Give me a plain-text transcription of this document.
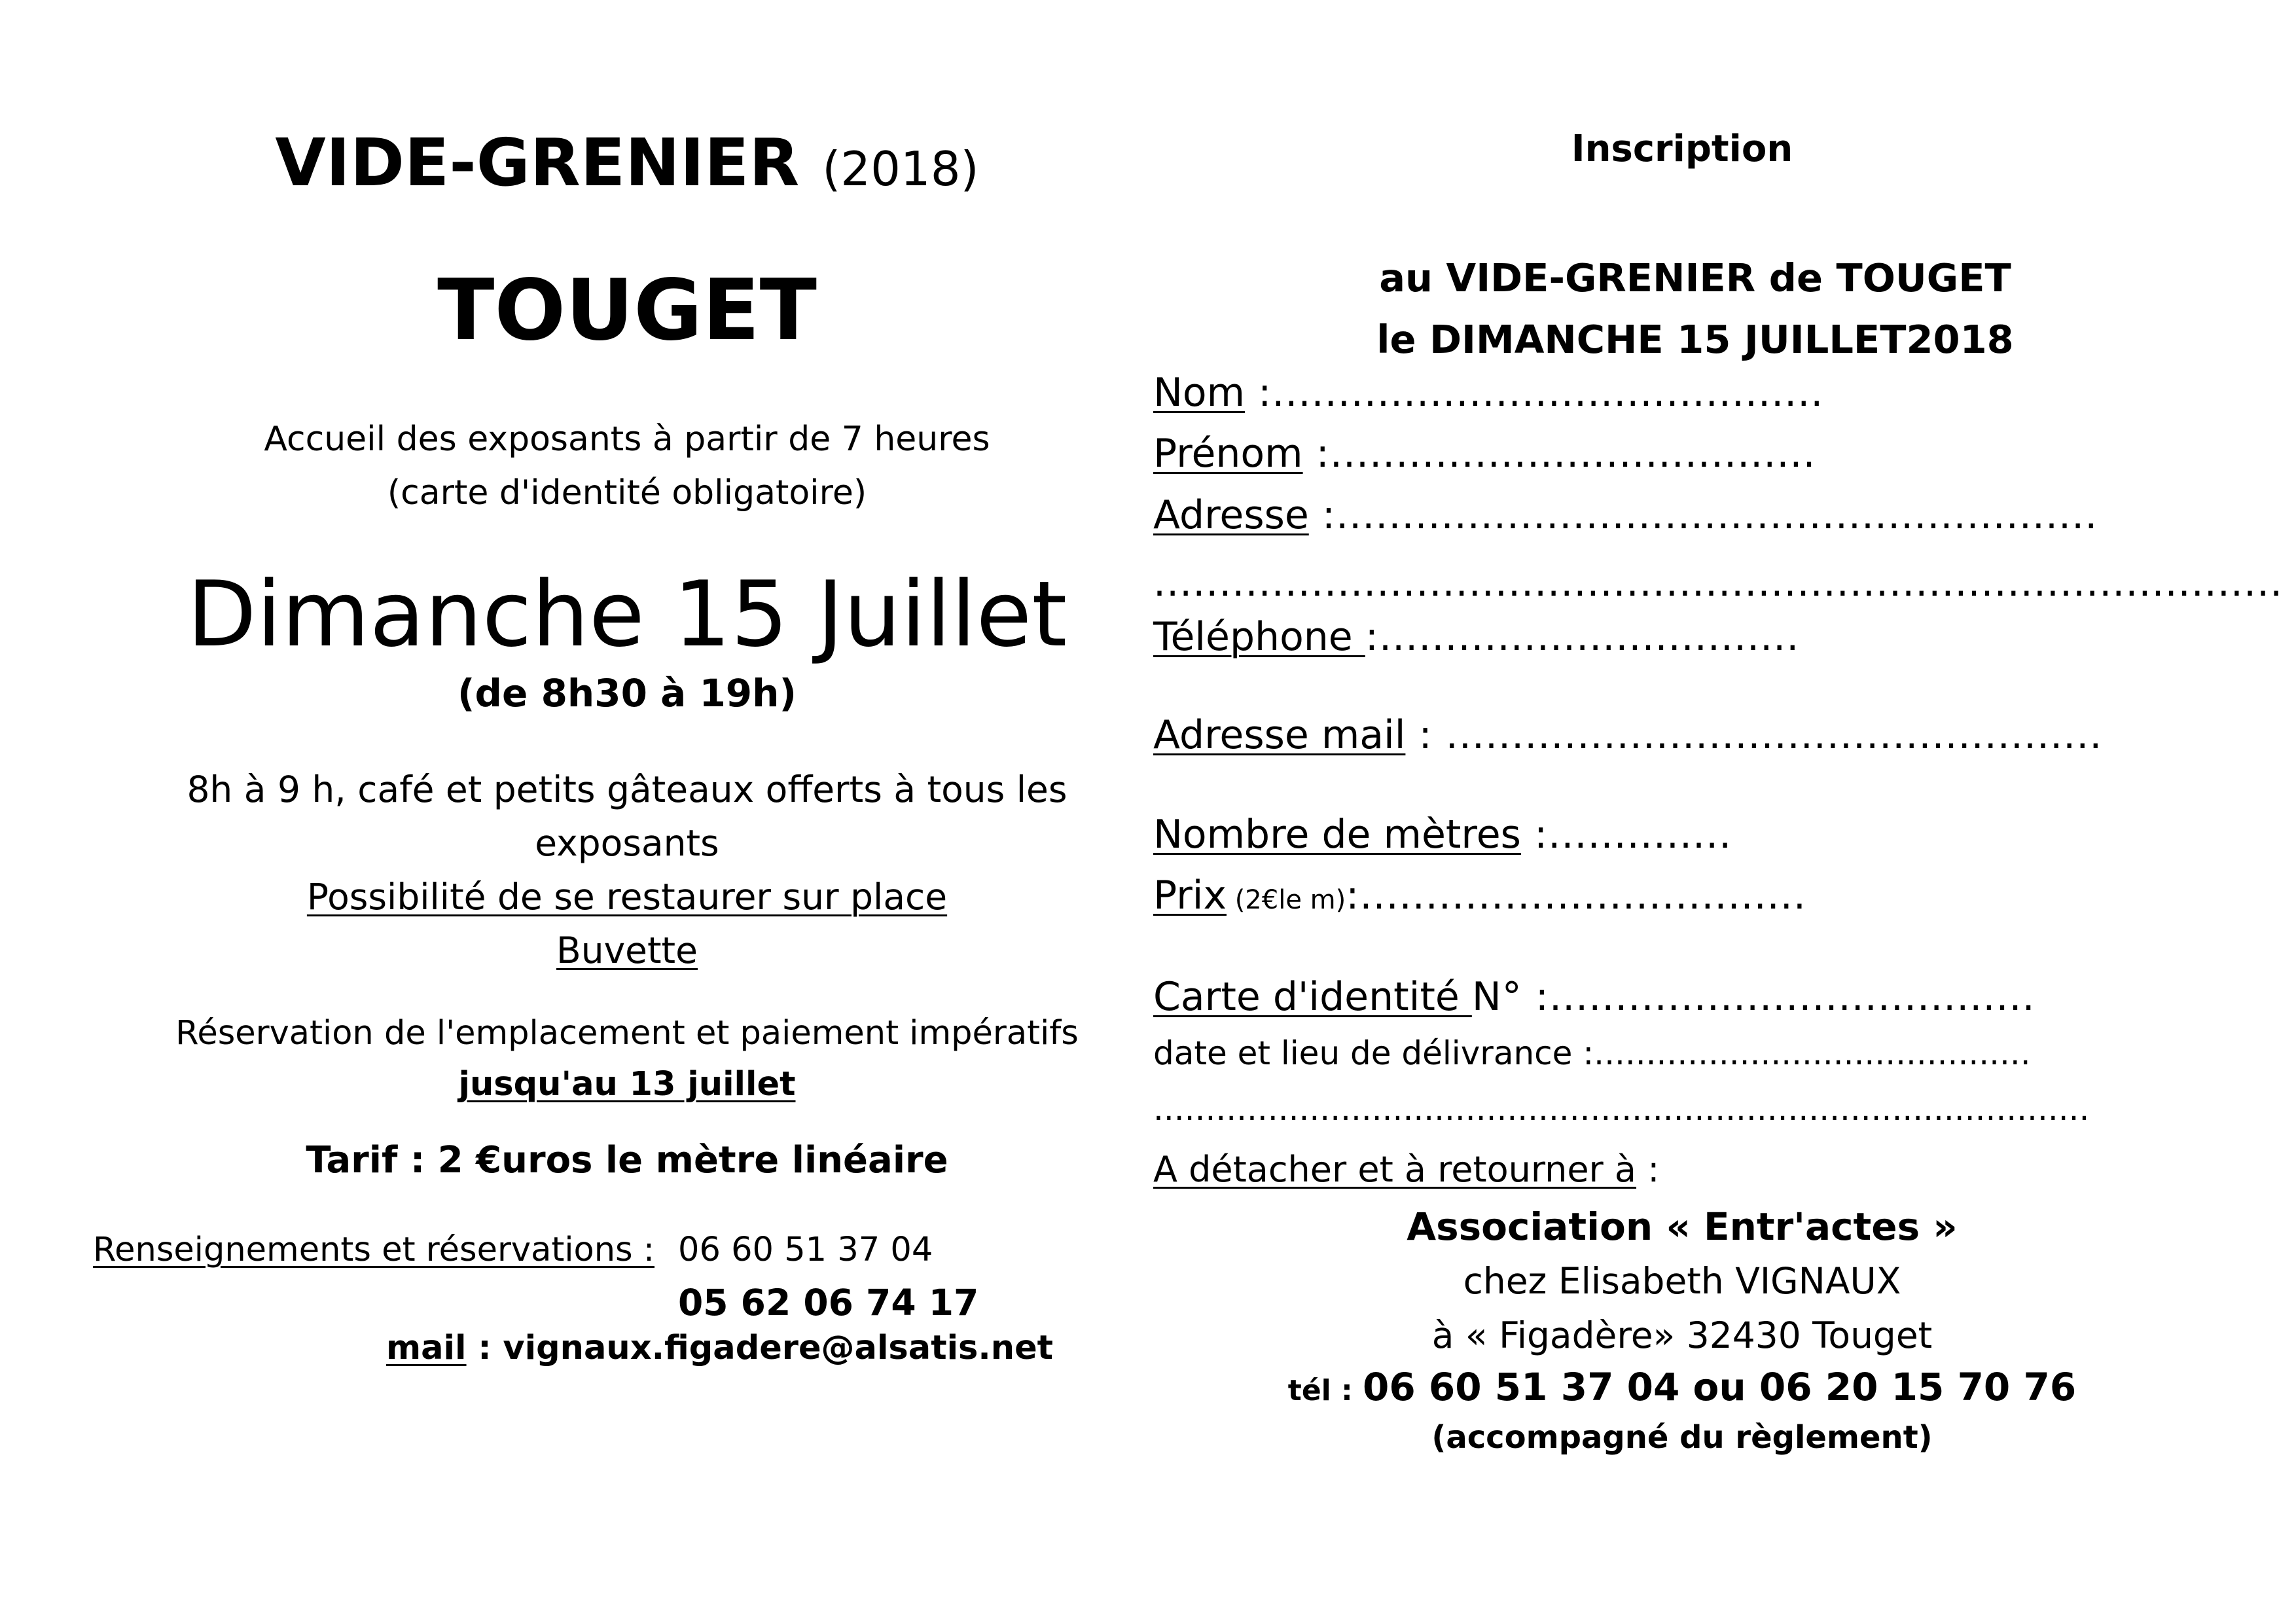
VIDE-GRENIER (2018)
TOUGET
Accueil des exposants à partir de 7 heures
(carte d'identité obligatoire)
Dimanche 15 Juillet
(de 8h30 à 19h)
8h à 9 h, café et petits gâteaux offerts à tous les
exposants
Possibilité de se restaurer sur place
Buvette
Réservation de l'emplacement et paiement impératifs
jusqu'au 13 juillet
Tarif : 2 €uros le mètre linéaire
Renseignements et réservations : 06 60 51 37 04
05 62 06 74 17
mail : vignaux.figadere@alsatis.net
Inscription
au VIDE-GRENIER de TOUGET
le DIMANCHE 15 JUILLET2018
Nom :..........................................
Prénom :.....................................
Adresse :..........................................................
......................................................................................
Téléphone :................................
Adresse mail : ..................................................
Nombre de mètres :..............
Prix (2€le m):..................................
Carte d'identité N° :.....................................
date et lieu de délivrance :..........................................
..........................................................................................
A détacher et à retourner à :
Association « Entr'actes »
chez Elisabeth VIGNAUX
à « Figadère» 32430 Touget
tél : 06 60 51 37 04 ou 06 20 15 70 76
(accompagné du règlement)
